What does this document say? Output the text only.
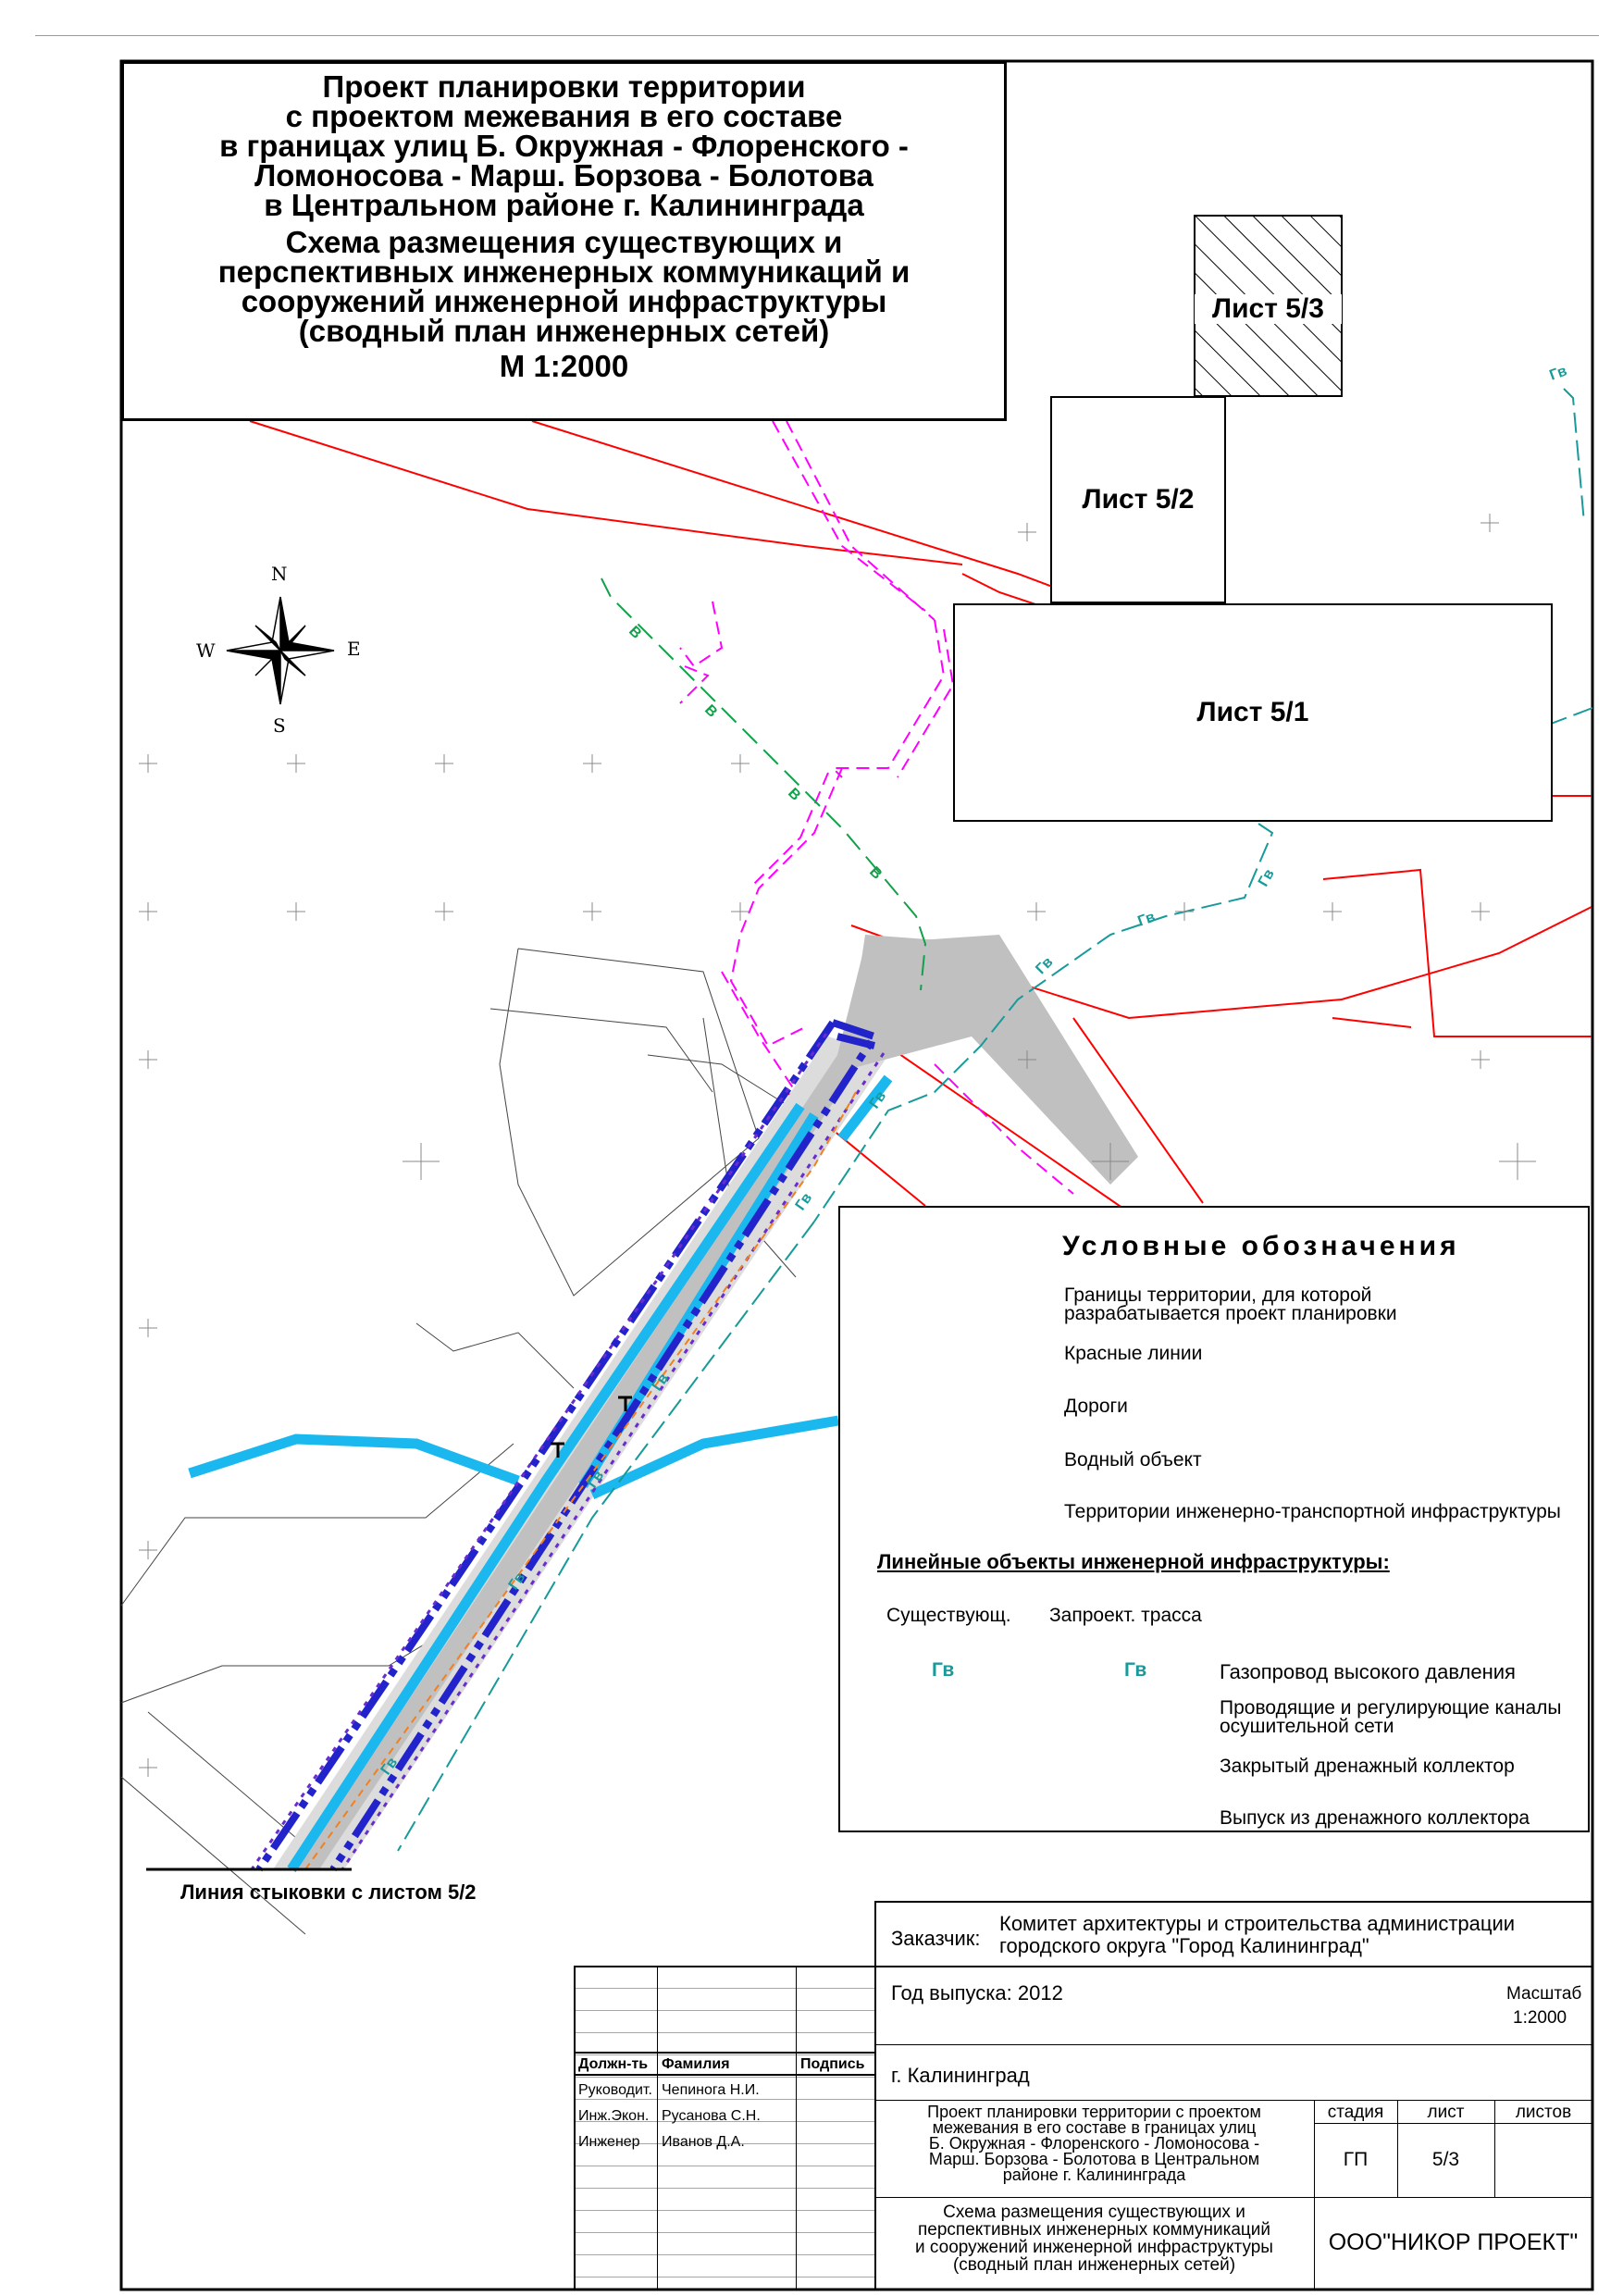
N
S
W	E
В
В
В
В
Гв
Гв
Гв
Гв
Гв
Гв
Гв
Гв
Гв
Гв
Проект планировки территории
с проектом межевания в его составе
в границах улиц Б. Окружная - Флоренского -
Ломоносова - Марш. Борзова - Болотова
в Центральном районе г. Калининграда
Схема размещения существующих и
перспективных инженерных коммуникаций и
сооружений инженерной инфраструктуры
(сводный план инженерных сетей)
М 1:2000
Лист 5/3
Лист 5/2
Лист 5/1
Линия стыковки с листом 5/2
Условные обозначения
Границы территории, для которой
разрабатывается проект планировки
Красные линии
Дороги
Водный объект
Территории инженерно-транспортной инфраструктуры
Линейные объекты инженерной инфраструктуры:
Существующ. Запроект. трасса
Газопровод высокого давления
Гв	Гв
Проводящие и регулирующие каналы
осушительной сети
Закрытый дренажный коллектор
Выпуск из дренажного коллектора
Заказчик:
Комитет архитектуры и строительства администрации
городского округа "Город Калининград"
Год выпуска: 2012	Масштаб
1:2000
г. Калининград
Должн-ть Фамилия	Подпись
Руководит. Чепинога Н.И.
Инж.Экон. Русанова С.Н.
Инженер Иванов Д.А.
Проект планировки территории с проектом
межевания в его составе в границах улиц
Б. Окружная - Флоренского - Ломоносова -
Марш. Борзова - Болотова в Центральном
районе г. Калининграда
стадия	лист	листов
ГП	5/3
Схема размещения существующих и
перспективных инженерных коммуникаций
и сооружений инженерной инфраструктуры
(сводный план инженерных сетей)
ООО"НИКОР ПРОЕКТ"
